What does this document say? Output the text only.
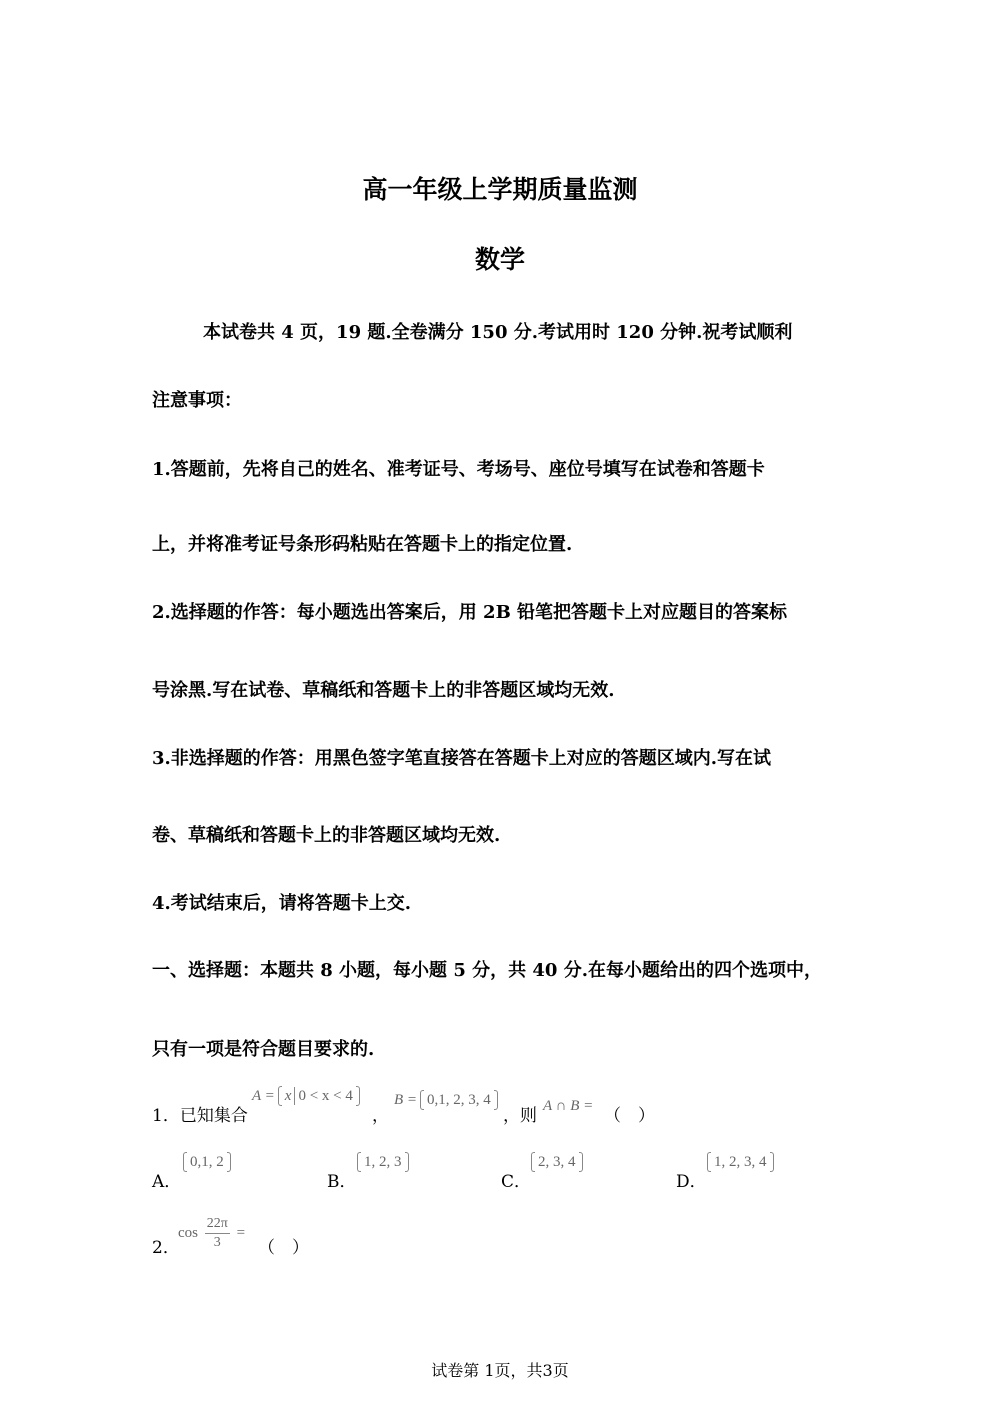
高一年级上学期质量监测
数学
本试卷共 4 页，19 题.全卷满分 150 分.考试用时 120 分钟.祝考试顺利
注意事项：
1.答题前，先将自己的姓名、准考证号、考场号、座位号填写在试卷和答题卡
上，并将准考证号条形码粘贴在答题卡上的指定位置.
2.选择题的作答：每小题选出答案后，用 2B 铅笔把答题卡上对应题目的答案标
号涂黑.写在试卷、草稿纸和答题卡上的非答题区域均无效.
3.非选择题的作答：用黑色签字笔直接答在答题卡上对应的答题区域内.写在试
卷、草稿纸和答题卡上的非答题区域均无效.
4.考试结束后，请将答题卡上交.
一、选择题：本题共 8 小题，每小题 5 分，共 40 分.在每小题给出的四个选项中，
只有一项是符合题目要求的.
1．已知集合
A = x 0 < x < 4
，
B = 0,1, 2, 3, 4
，则 A ∩ B = （　）
A．
0,1, 2
B．
1, 2, 3
C．
2, 3, 4
D．
1, 2, 3, 4
2．
$\cos \frac{22\pi}{3}$ =
（　）
试卷第 1页，共3页
